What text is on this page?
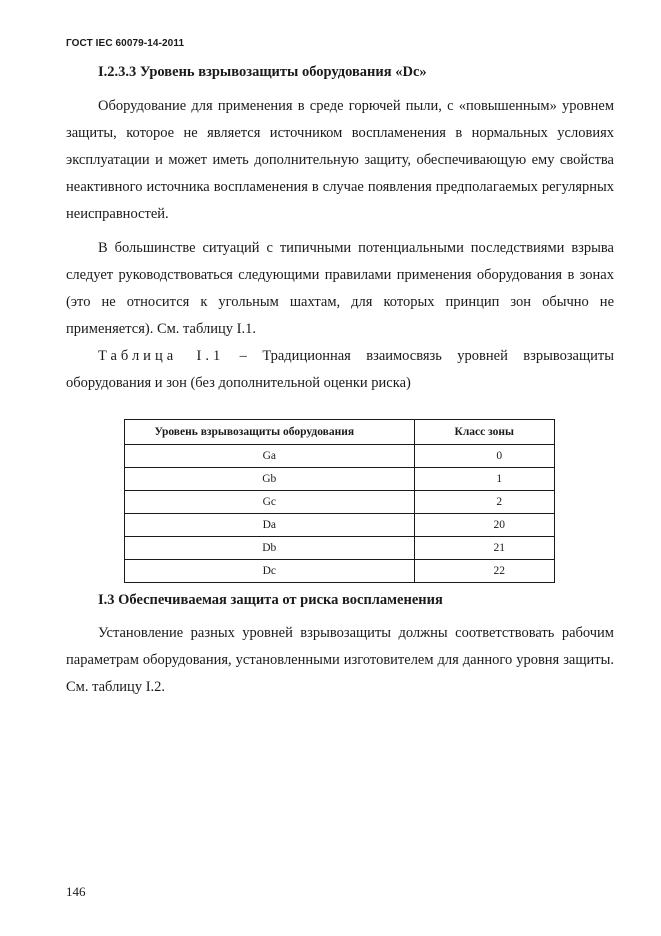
ГОСТ IEC 60079-14-2011
I.2.3.3 Уровень взрывозащиты оборудования «Dc»

Оборудование для применения в среде горючей пыли, с «повышенным» уровнем защиты, которое не является источником воспламенения в нормальных условиях эксплуатации и может иметь дополнительную защиту, обеспечивающую ему свойства неактивного источника воспламенения в случае появления предполагаемых регулярных неисправностей.

В большинстве ситуаций с типичными потенциальными последствиями взрыва следует руководствоваться следующими правилами применения оборудования в зонах (это не относится к угольным шахтам, для которых принцип зон обычно не применяется). См. таблицу I.1.

Таблица I.1 – Традиционная взаимосвязь уровней взрывозащиты оборудования и зон (без дополнительной оценки риска)

Уровень взрывозащиты оборудования	Класс зоны
Ga	0
Gb	1
Gc	2
Da	20
Db	21
Dc	22
I.3 Обеспечиваемая защита от риска воспламенения

Установление разных уровней взрывозащиты должны соответствовать рабочим параметрам оборудования, установленными изготовителем для данного уровня защиты. См. таблицу I.2.

146
